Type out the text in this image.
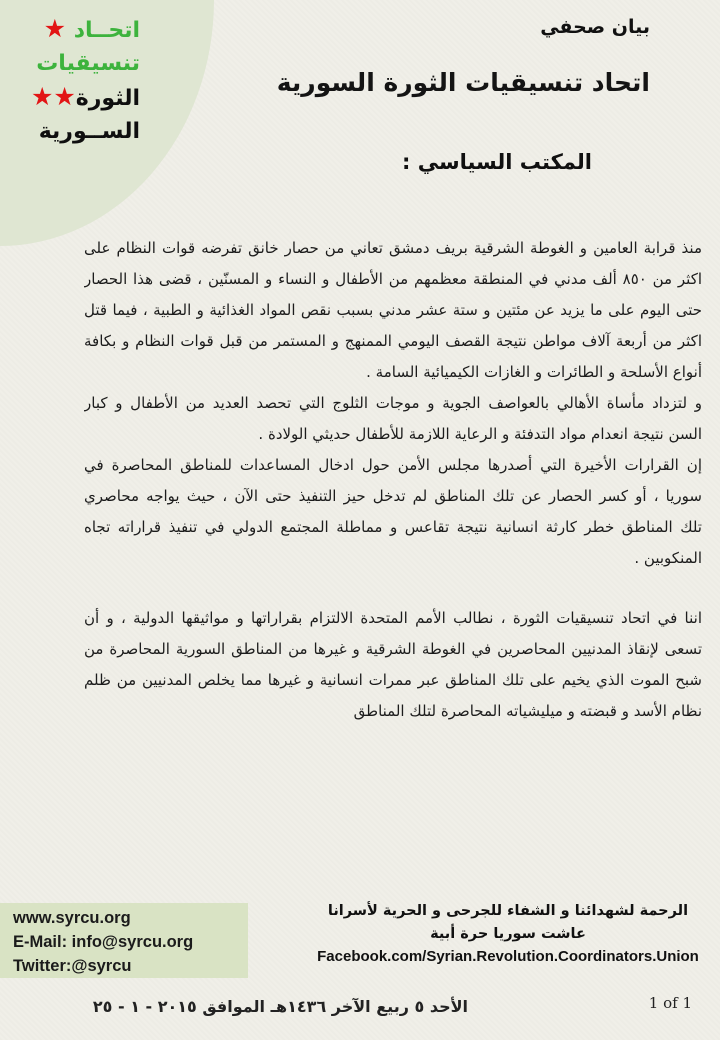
اتحــاد ★
تنسيقيات
الثورة★★
الســورية
بيان صحفي
اتحاد تنسيقيات الثورة السورية
المكتب السياسي :
منذ قرابة العامين و الغوطة الشرقية بريف دمشق تعاني من حصار خانق تفرضه قوات النظام على
اكثر من ٨٥٠ ألف مدني في المنطقة معظمهم من الأطفال و النساء و المسنّين ، قضى هذا الحصار
حتى اليوم على ما يزيد عن مئتين و ستة عشر مدني بسبب نقص المواد الغذائية و الطبية ، فيما قتل
اكثر من أربعة آلاف مواطن نتيجة القصف اليومي الممنهج و المستمر من قبل قوات النظام و بكافة
أنواع الأسلحة و الطائرات و الغازات الكيميائية السامة .
و لتزداد مأساة الأهالي بالعواصف الجوية و موجات الثلوج التي تحصد العديد من الأطفال و كبار
السن نتيجة انعدام مواد التدفئة و الرعاية اللازمة للأطفال حديثي الولادة .
إن القرارات الأخيرة التي أصدرها مجلس الأمن حول ادخال المساعدات للمناطق المحاصرة في
سوريا ، أو كسر الحصار عن تلك المناطق لم تدخل حيز التنفيذ حتى الآن ، حيث يواجه محاصري
تلك المناطق خطر كارثة انسانية نتيجة تقاعس و مماطلة المجتمع الدولي في تنفيذ قراراته تجاه
المنكوبين .
اننا في اتحاد تنسيقيات الثورة ، نطالب الأمم المتحدة الالتزام بقراراتها و مواثيقها الدولية ، و أن
تسعى لإنقاذ المدنيين المحاصرين في الغوطة الشرقية و غيرها من المناطق السورية المحاصرة من
شبح الموت الذي يخيم على تلك المناطق عبر ممرات انسانية و غيرها مما يخلص المدنيين من ظلم
نظام الأسد و قبضته و ميليشياته المحاصرة لتلك المناطق
www.syrcu.org
E-Mail: info@syrcu.org
Twitter:@syrcu
الرحمة لشهدائنا و الشفاء للجرحى و الحرية لأسرانا
عاشت سوريا حرة أبية
Facebook.com/Syrian.Revolution.Coordinators.Union
الأحد ٥ ربيع الآخر ١٤٣٦هـ الموافق ٢٠١٥ - ١ - ٢٥	1 of 1
